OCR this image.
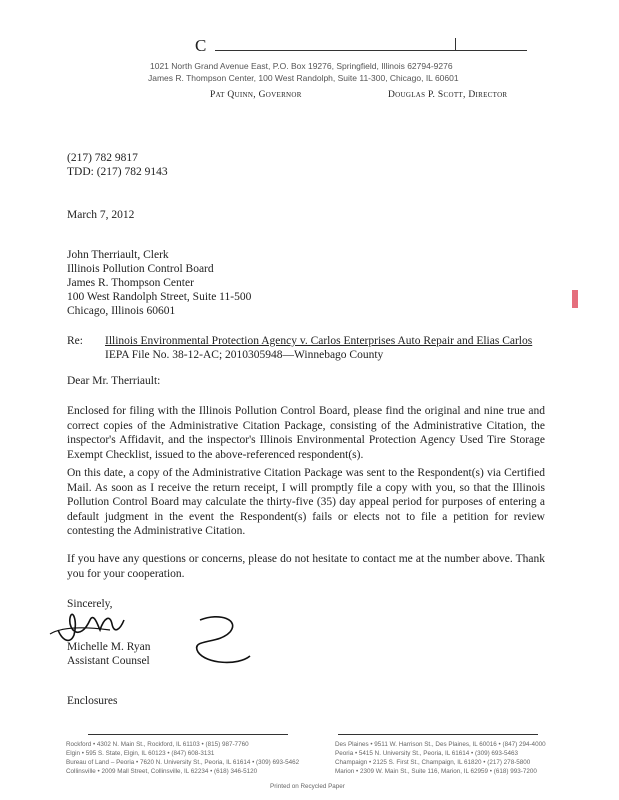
C
1021 North Grand Avenue East, P.O. Box 19276, Springfield, Illinois 62794-9276
James R. Thompson Center, 100 West Randolph, Suite 11-300, Chicago, IL 60601
Pat Quinn, Governor	Douglas P. Scott, Director
(217) 782 9817
TDD: (217) 782 9143
March 7, 2012
John Therriault, Clerk
Illinois Pollution Control Board
James R. Thompson Center
100 West Randolph Street, Suite 11-500
Chicago, Illinois 60601
Re: Illinois Environmental Protection Agency v. Carlos Enterprises Auto Repair and Elias Carlos
IEPA File No. 38-12-AC; 2010305948—Winnebago County
Dear Mr. Therriault:
Enclosed for filing with the Illinois Pollution Control Board, please find the original and nine true and correct copies of the Administrative Citation Package, consisting of the Administrative Citation, the inspector's Affidavit, and the inspector's Illinois Environmental Protection Agency Used Tire Storage Exempt Checklist, issued to the above-referenced respondent(s).
On this date, a copy of the Administrative Citation Package was sent to the Respondent(s) via Certified Mail. As soon as I receive the return receipt, I will promptly file a copy with you, so that the Illinois Pollution Control Board may calculate the thirty-five (35) day appeal period for purposes of entering a default judgment in the event the Respondent(s) fails or elects not to file a petition for review contesting the Administrative Citation.
If you have any questions or concerns, please do not hesitate to contact me at the number above. Thank you for your cooperation.
Sincerely,
Michelle M. Ryan
Assistant Counsel
Enclosures
Rockford • 4302 N. Main St., Rockford, IL 61103 • (815) 987-7760
Elgin • 595 S. State, Elgin, IL 60123 • (847) 608-3131
Bureau of Land – Peoria • 7620 N. University St., Peoria, IL 61614 • (309) 693-5462
Collinsville • 2009 Mall Street, Collinsville, IL 62234 • (618) 346-5120
Des Plaines • 9511 W. Harrison St., Des Plaines, IL 60016 • (847) 294-4000
Peoria • 5415 N. University St., Peoria, IL 61614 • (309) 693-5463
Champaign • 2125 S. First St., Champaign, IL 61820 • (217) 278-5800
Marion • 2309 W. Main St., Suite 116, Marion, IL 62959 • (618) 993-7200
Printed on Recycled Paper
